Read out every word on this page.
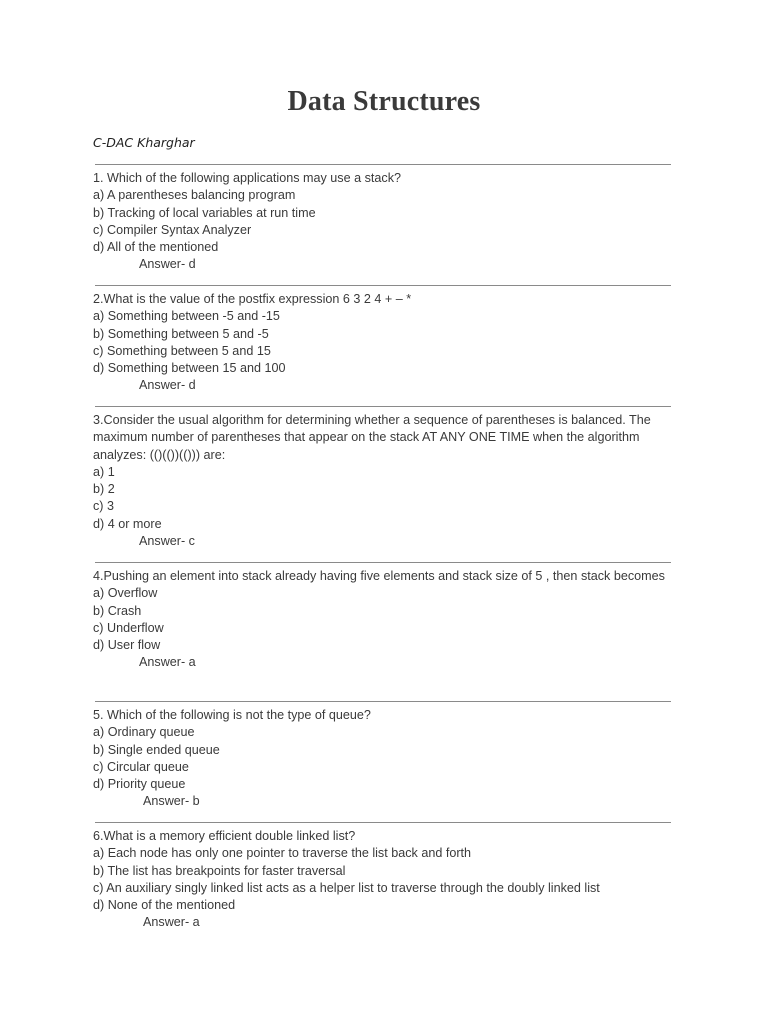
Data Structures
C-DAC Kharghar
1. Which of the following applications may use a stack?
a) A parentheses balancing program
b) Tracking of local variables at run time
c) Compiler Syntax Analyzer
d) All of the mentioned
Answer- d
2.What is the value of the postfix expression 6 3 2 4 + – *
a) Something between -5 and -15
b) Something between 5 and -5
c) Something between 5 and 15
d) Something between 15 and 100
Answer- d
3.Consider the usual algorithm for determining whether a sequence of parentheses is balanced. The maximum number of parentheses that appear on the stack AT ANY ONE TIME when the algorithm analyzes: (()(())(())) are:
a) 1
b) 2
c) 3
d) 4 or more
Answer- c
4.Pushing an element into stack already having five elements and stack size of 5 , then stack becomes
a) Overflow
b) Crash
c) Underflow
d) User flow
Answer- a
5. Which of the following is not the type of queue?
a) Ordinary queue
b) Single ended queue
c) Circular queue
d) Priority queue
Answer- b
6.What is a memory efficient double linked list?
a) Each node has only one pointer to traverse the list back and forth
b) The list has breakpoints for faster traversal
c) An auxiliary singly linked list acts as a helper list to traverse through the doubly linked list
d) None of the mentioned
Answer- a
